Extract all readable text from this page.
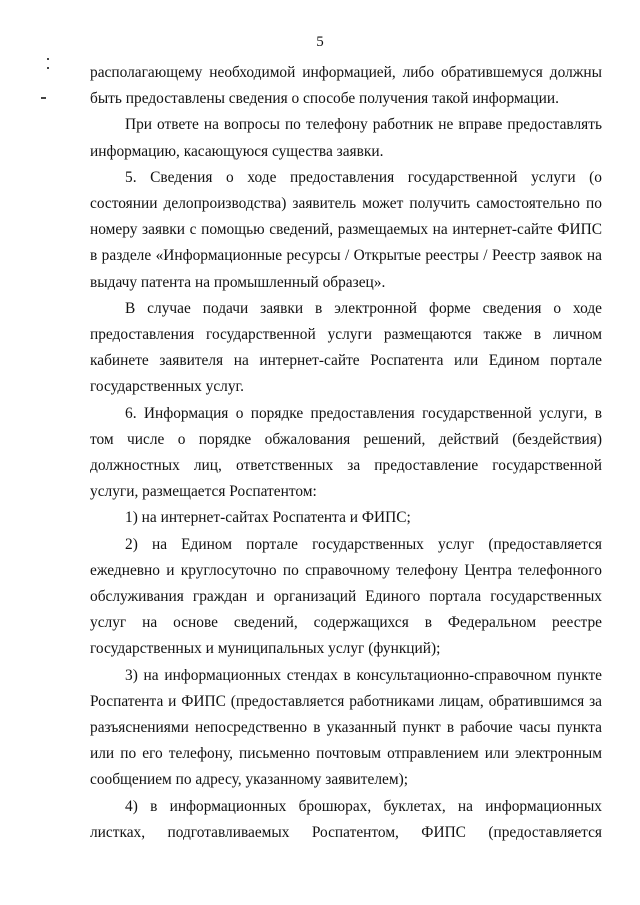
5

располагающему необходимой информацией, либо обратившемуся должны быть предоставлены сведения о способе получения такой информации.

При ответе на вопросы по телефону работник не вправе предоставлять информацию, касающуюся существа заявки.

5. Сведения о ходе предоставления государственной услуги (о состоянии делопроизводства) заявитель может получить самостоятельно по номеру заявки с помощью сведений, размещаемых на интернет-сайте ФИПС в разделе «Информационные ресурсы / Открытые реестры / Реестр заявок на выдачу патента на промышленный образец».

В случае подачи заявки в электронной форме сведения о ходе предоставления государственной услуги размещаются также в личном кабинете заявителя на интернет-сайте Роспатента или Едином портале государственных услуг.

6. Информация о порядке предоставления государственной услуги, в том числе о порядке обжалования решений, действий (бездействия) должностных лиц, ответственных за предоставление государственной услуги, размещается Роспатентом:

1) на интернет-сайтах Роспатента и ФИПС;

2) на Едином портале государственных услуг (предоставляется ежедневно и круглосуточно по справочному телефону Центра телефонного обслуживания граждан и организаций Единого портала государственных услуг на основе сведений, содержащихся в Федеральном реестре государственных и муниципальных услуг (функций);

3) на информационных стендах в консультационно-справочном пункте Роспатента и ФИПС (предоставляется работниками лицам, обратившимся за разъяснениями непосредственно в указанный пункт в рабочие часы пункта или по его телефону, письменно почтовым отправлением или электронным сообщением по адресу, указанному заявителем);

4) в информационных брошюрах, буклетах, на информационных листках, подготавливаемых Роспатентом, ФИПС (предоставляется
